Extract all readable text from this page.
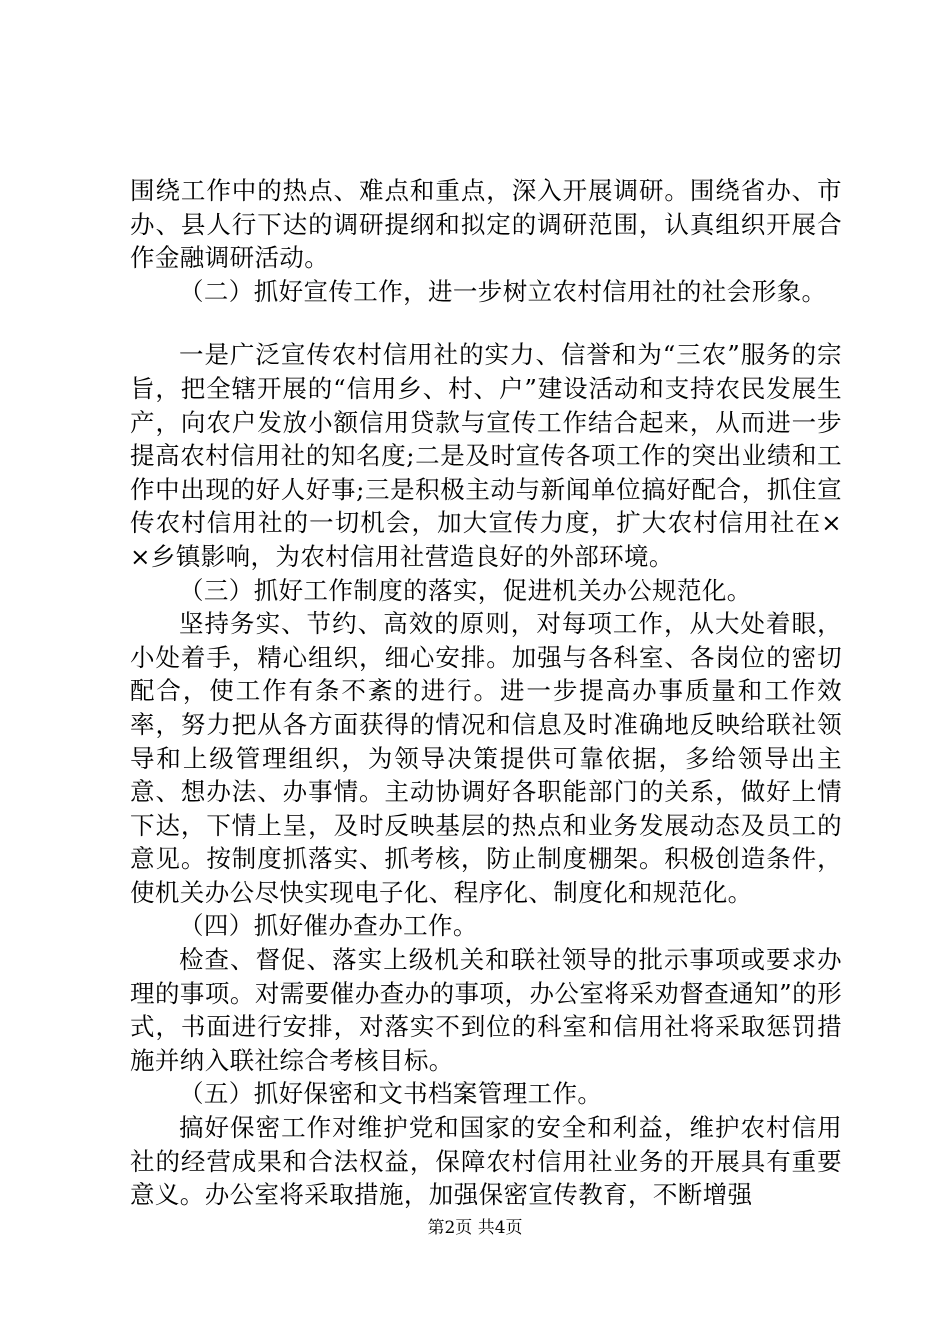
围绕工作中的热点、难点和重点，深入开展调研。围绕省办、市办、县人行下达的调研提纲和拟定的调研范围，认真组织开展合作金融调研活动。

（二）抓好宣传工作，进一步树立农村信用社的社会形象。

一是广泛宣传农村信用社的实力、信誉和为“三农”服务的宗旨，把全辖开展的“信用乡、村、户”建设活动和支持农民发展生产，向农户发放小额信用贷款与宣传工作结合起来，从而进一步提高农村信用社的知名度;二是及时宣传各项工作的突出业绩和工作中出现的好人好事;三是积极主动与新闻单位搞好配合，抓住宣传农村信用社的一切机会，加大宣传力度，扩大农村信用社在××乡镇影响，为农村信用社营造良好的外部环境。

（三）抓好工作制度的落实，促进机关办公规范化。

坚持务实、节约、高效的原则，对每项工作，从大处着眼，小处着手，精心组织，细心安排。加强与各科室、各岗位的密切配合，使工作有条不紊的进行。进一步提高办事质量和工作效率，努力把从各方面获得的情况和信息及时准确地反映给联社领导和上级管理组织，为领导决策提供可靠依据，多给领导出主意、想办法、办事情。主动协调好各职能部门的关系，做好上情下达，下情上呈，及时反映基层的热点和业务发展动态及员工的意见。按制度抓落实、抓考核，防止制度棚架。积极创造条件，使机关办公尽快实现电子化、程序化、制度化和规范化。

（四）抓好催办查办工作。

检查、督促、落实上级机关和联社领导的批示事项或要求办理的事项。对需要催办查办的事项，办公室将采劝督查通知”的形式，书面进行安排，对落实不到位的科室和信用社将采取惩罚措施并纳入联社综合考核目标。

（五）抓好保密和文书档案管理工作。

搞好保密工作对维护党和国家的安全和利益，维护农村信用社的经营成果和合法权益，保障农村信用社业务的开展具有重要意义。办公室将采取措施，加强保密宣传教育，不断增强

第2页 共4页
